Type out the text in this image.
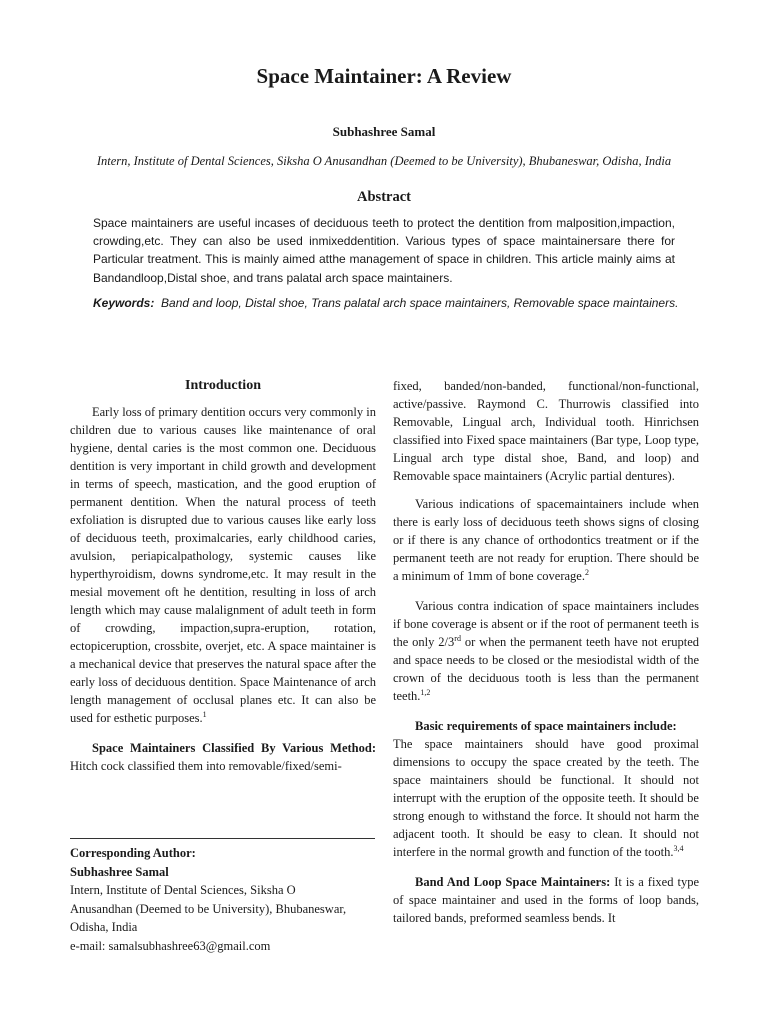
Space Maintainer: A Review
Subhashree Samal
Intern, Institute of Dental Sciences, Siksha O Anusandhan (Deemed to be University), Bhubaneswar, Odisha, India
Abstract

Space maintainers are useful incases of deciduous teeth to protect the dentition from malposition,impaction, crowding,etc. They can also be used inmixeddentition. Various types of space maintainersare there for Particular treatment. This is mainly aimed atthe management of space in children. This article mainly aims at Bandandloop,Distal shoe, and trans palatal arch space maintainers.

Keywords: Band and loop, Distal shoe, Trans palatal arch space maintainers, Removable space maintainers.

Introduction

Early loss of primary dentition occurs very commonly in children due to various causes like maintenance of oral hygiene, dental caries is the most common one. Deciduous dentition is very important in child growth and development in terms of speech, mastication, and the good eruption of permanent dentition. When the natural process of teeth exfoliation is disrupted due to various causes like early loss of deciduous teeth, proximalcaries, early childhood caries, avulsion, periapicalpathology, systemic causes like hyperthyroidism, downs syndrome,etc. It may result in the mesial movement oft he dentition, resulting in loss of arch length which may cause malalignment of adult teeth in form of crowding, impaction,supra-eruption, rotation, ectopiceruption, crossbite, overjet, etc. A space maintainer is a mechanical device that preserves the natural space after the early loss of deciduous dentition. Space Maintenance of arch length management of occlusal planes etc. It can also be used for esthetic purposes.$^1$

Space Maintainers Classified By Various Method: Hitch cock classified them into removable/fixed/semi-

fixed, banded/non-banded, functional/non-functional, active/passive. Raymond C. Thurrowis classified into Removable, Lingual arch, Individual tooth. Hinrichsen classified into Fixed space maintainers (Bar type, Loop type, Lingual arch type distal shoe, Band, and loop) and Removable space maintainers (Acrylic partial dentures).

Various indications of spacemaintainers include when there is early loss of deciduous teeth shows signs of closing or if there is any chance of orthodontics treatment or if the permanent teeth are not ready for eruption. There should be a minimum of 1mm of bone coverage.$^2$

Various contra indication of space maintainers includes if bone coverage is absent or if the root of permanent teeth is the only 2/3rd or when the permanent teeth have not erupted and space needs to be closed or the mesiodistal width of the crown of the deciduous tooth is less than the permanent teeth.$^{1,2}$

Basic requirements of space maintainers include:

The space maintainers should have good proximal dimensions to occupy the space created by the teeth. The space maintainers should be functional. It should not interrupt with the eruption of the opposite teeth. It should be strong enough to withstand the force. It should not harm the adjacent tooth. It should be easy to clean. It should not interfere in the normal growth and function of the tooth.$^{3,4}$

Band And Loop Space Maintainers: It is a fixed type of space maintainer and used in the forms of loop bands, tailored bands, preformed seamless bends. It

Corresponding Author:
Subhashree Samal
Intern, Institute of Dental Sciences, Siksha O
Anusandhan (Deemed to be University), Bhubaneswar,
Odisha, India
e-mail: samalsubhashree63@gmail.com
